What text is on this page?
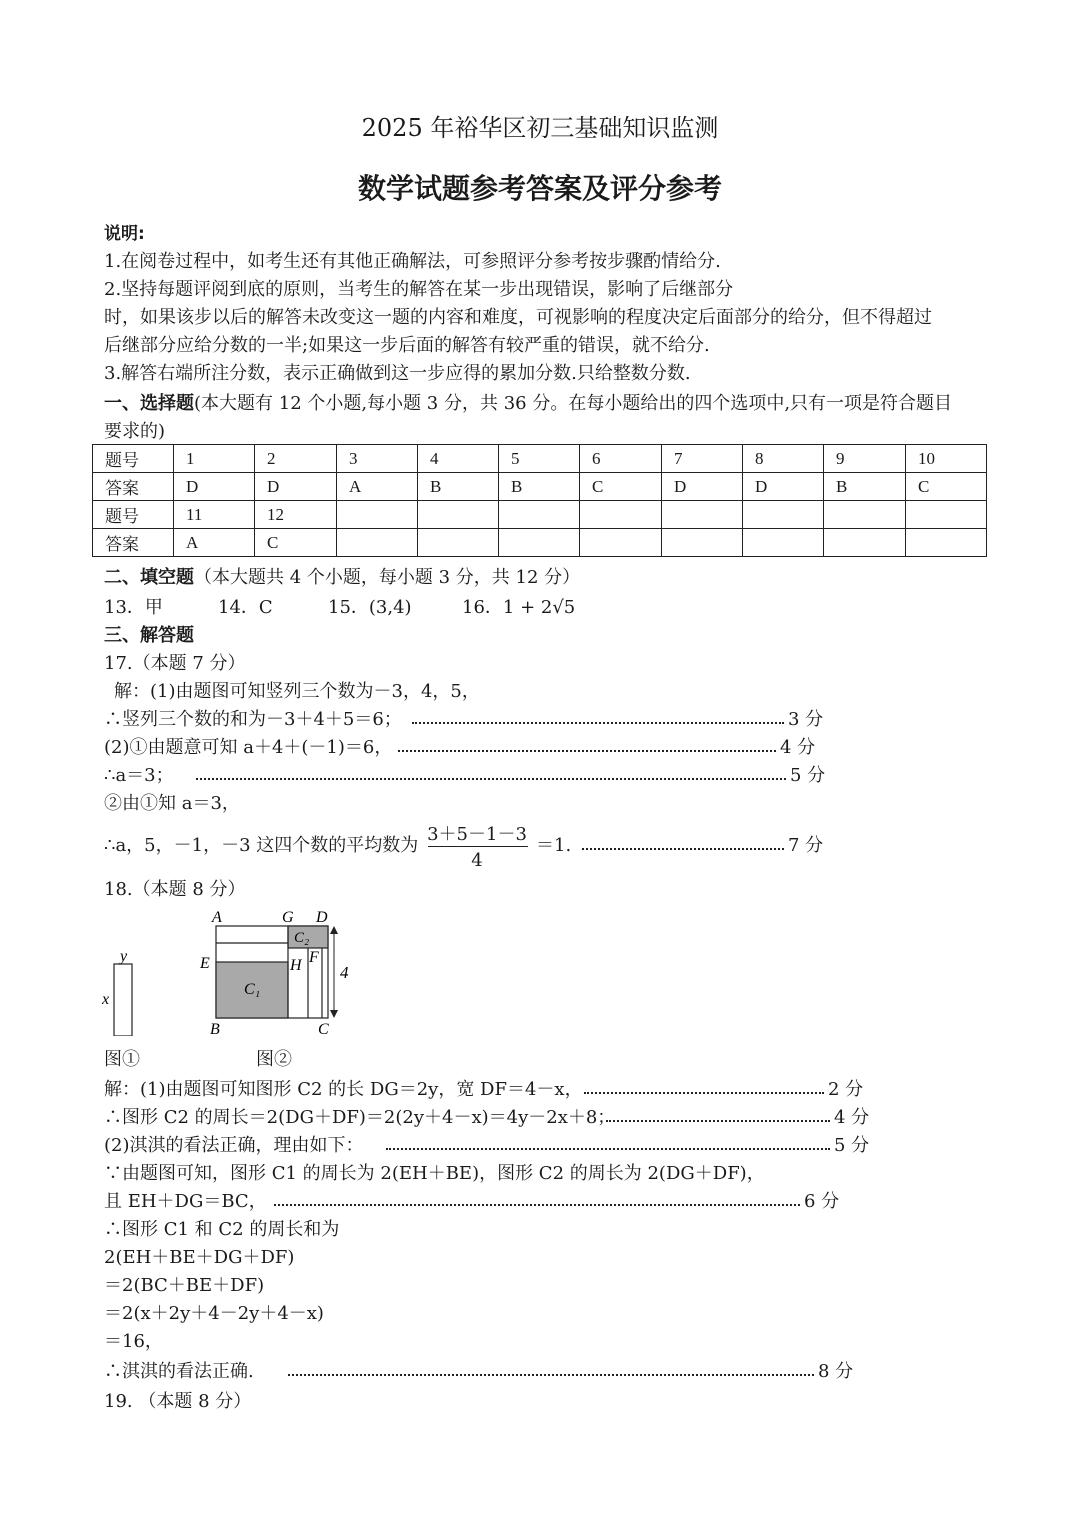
2025 年裕华区初三基础知识监测
数学试题参考答案及评分参考
说明:
1.在阅卷过程中，如考生还有其他正确解法，可参照评分参考按步骤酌情给分.
2.坚持每题评阅到底的原则，当考生的解答在某一步出现错误，影响了后继部分
时，如果该步以后的解答未改变这一题的内容和难度，可视影响的程度决定后面部分的给分，但不得超过
后继部分应给分数的一半;如果这一步后面的解答有较严重的错误，就不给分.
3.解答右端所注分数，表示正确做到这一步应得的累加分数.只给整数分数.
一、选择题(本大题有 12 个小题,每小题 3 分，共 36 分。在每小题给出的四个选项中,只有一项是符合题目
要求的)
题号	1	2	3	4	5	6	7	8	9	10
答案	D	D	A	B	B	C	D	D	B	C
题号	11	12								
答案	A	C								
二、填空题（本大题共 4 个小题，每小题 3 分，共 12 分）
13．甲	14．C	15．(3,4)	16．1 + 2√5
三、解答题
17.（本题 7 分）
解：(1)由题图可知竖列三个数为－3，4，5，
∴竖列三个数的和为－3＋4＋5＝6；	3 分
(2)①由题意可知 a＋4＋(－1)＝6，	4 分
∴a＝3；	5 分
②由①知 a＝3，
∴a，5，－1，－3 这四个数的平均数为
3＋5－1－3
4
＝1.	7 分
18.（本题 8 分）
y
x
A	G D
C₂
E	H F
C₁
4
B	C
图①	图②
解：(1)由题图可知图形 C2 的长 DG＝2y，宽 DF＝4－x，	2 分
∴图形 C2 的周长＝2(DG＋DF)＝2(2y＋4－x)＝4y－2x＋8；	4 分
(2)淇淇的看法正确，理由如下：	5 分
∵由题图可知，图形 C1 的周长为 2(EH＋BE)，图形 C2 的周长为 2(DG＋DF)，
且 EH＋DG＝BC，	6 分
∴图形 C1 和 C2 的周长和为
2(EH＋BE＋DG＋DF)
＝2(BC＋BE＋DF)
＝2(x＋2y＋4－2y＋4－x)
＝16，
∴淇淇的看法正确.	8 分
19. （本题 8 分）
